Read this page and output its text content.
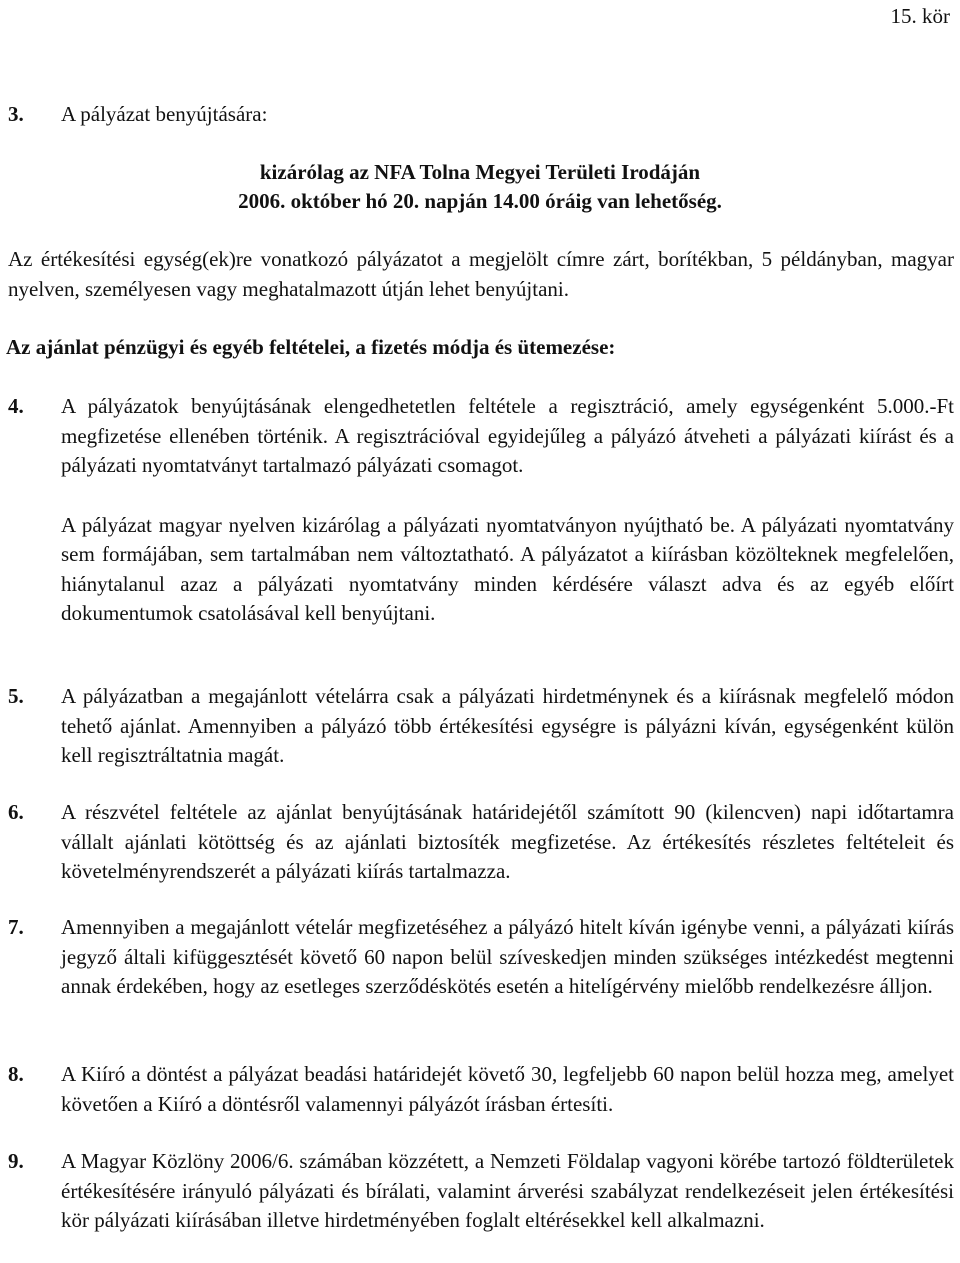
15. kör
3. A pályázat benyújtására:

kizárólag az NFA Tolna Megyei Területi Irodáján
2006. október hó 20. napján 14.00 óráig van lehetőség.

Az értékesítési egység(ek)re vonatkozó pályázatot a megjelölt címre zárt, borítékban, 5 példányban, magyar nyelven, személyesen vagy meghatalmazott útján lehet benyújtani.

Az ajánlat pénzügyi és egyéb feltételei, a fizetés módja és ütemezése:
4. A pályázatok benyújtásának elengedhetetlen feltétele a regisztráció, amely egységenként 5.000.-Ft megfizetése ellenében történik. A regisztrációval egyidejűleg a pályázó átveheti a pályázati kiírást és a pályázati nyomtatványt tartalmazó pályázati csomagot.

A pályázat magyar nyelven kizárólag a pályázati nyomtatványon nyújtható be. A pályázati nyomtatvány sem formájában, sem tartalmában nem változtatható. A pályázatot a kiírásban közölteknek megfelelően, hiánytalanul azaz a pályázati nyomtatvány minden kérdésére választ adva és az egyéb előírt dokumentumok csatolásával kell benyújtani.

5. A pályázatban a megajánlott vételárra csak a pályázati hirdetménynek és a kiírásnak megfelelő módon tehető ajánlat. Amennyiben a pályázó több értékesítési egységre is pályázni kíván, egységenként külön kell regisztráltatnia magát.

6. A részvétel feltétele az ajánlat benyújtásának határidejétől számított 90 (kilencven) napi időtartamra vállalt ajánlati kötöttség és az ajánlati biztosíték megfizetése. Az értékesítés részletes feltételeit és követelményrendszerét a pályázati kiírás tartalmazza.

7. Amennyiben a megajánlott vételár megfizetéséhez a pályázó hitelt kíván igénybe venni, a pályázati kiírás jegyző általi kifüggesztését követő 60 napon belül szíveskedjen minden szükséges intézkedést megtenni annak érdekében, hogy az esetleges szerződéskötés esetén a hitelígérvény mielőbb rendelkezésre álljon.

8. A Kiíró a döntést a pályázat beadási határidejét követő 30, legfeljebb 60 napon belül hozza meg, amelyet követően a Kiíró a döntésről valamennyi pályázót írásban értesíti.

9. A Magyar Közlöny 2006/6. számában közzétett, a Nemzeti Földalap vagyoni körébe tartozó földterületek értékesítésére irányuló pályázati és bírálati, valamint árverési szabályzat rendelkezéseit jelen értékesítési kör pályázati kiírásában illetve hirdetményében foglalt eltérésekkel kell alkalmazni.
